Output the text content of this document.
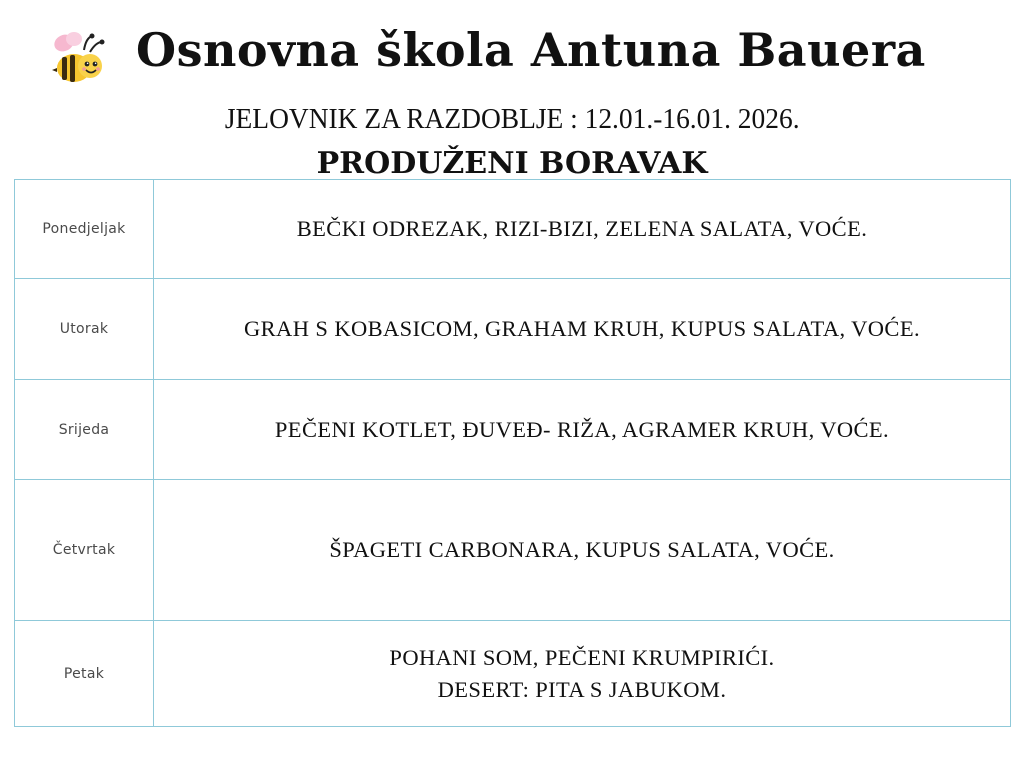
Osnovna škola Antuna Bauera
JELOVNIK ZA RAZDOBLJE : 12.01.-16.01. 2026.
PRODUŽENI BORAVAK
Ponedjeljak	BEČKI ODREZAK, RIZI-BIZI, ZELENA SALATA, VOĆE.

Utorak	GRAH S KOBASICOM, GRAHAM KRUH, KUPUS SALATA, VOĆE.

Srijeda	PEČENI KOTLET, ĐUVEĐ- RIŽA, AGRAMER KRUH, VOĆE.

Četvrtak	ŠPAGETI CARBONARA, KUPUS SALATA, VOĆE.

Petak	POHANI SOM, PEČENI KRUMPIRIĆI.
DESERT: PITA S JABUKOM.
